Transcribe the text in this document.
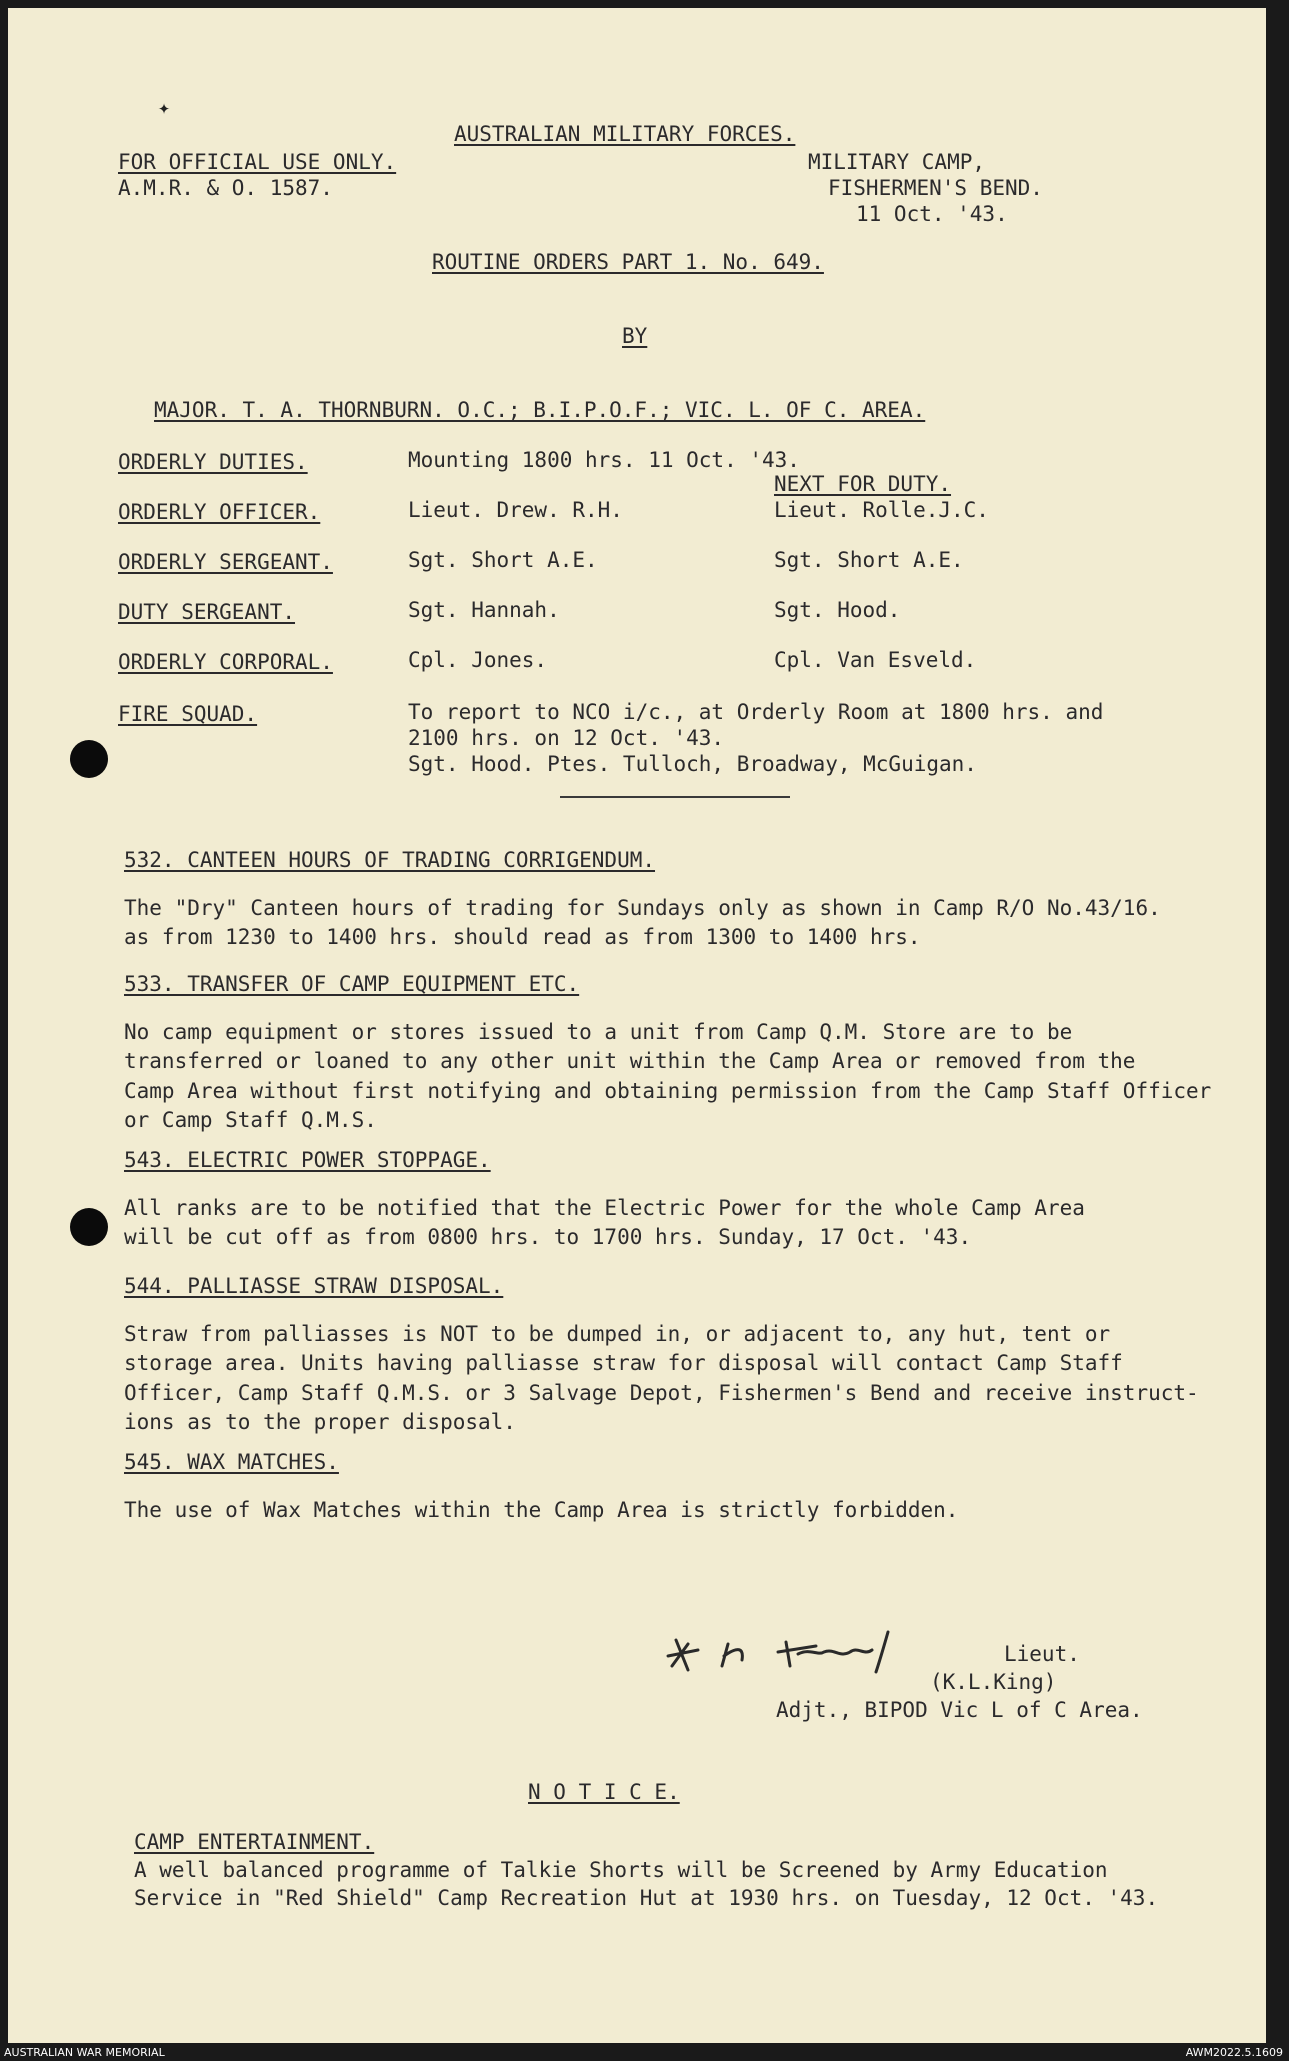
✦

AUSTRALIAN MILITARY FORCES.

FOR OFFICIAL USE ONLY.

A.M.R. & O. 1587.

MILITARY CAMP,

FISHERMEN'S BEND.

11 Oct. '43.

ROUTINE ORDERS PART 1. No. 649.

BY

MAJOR. T. A. THORNBURN. O.C.; B.I.P.O.F.; VIC. L. OF C. AREA.

ORDERLY DUTIES.	Mounting 1800 hrs. 11 Oct. '43.

NEXT FOR DUTY.

ORDERLY OFFICER.	Lieut. Drew. R.H.	Lieut. Rolle.J.C.

ORDERLY SERGEANT.	Sgt. Short A.E.	Sgt. Short A.E.

DUTY SERGEANT.	Sgt. Hannah.	Sgt. Hood.

ORDERLY CORPORAL.	Cpl. Jones.	Cpl. Van Esveld.

FIRE SQUAD.	To report to NCO i/c., at Orderly Room at 1800 hrs. and

2100 hrs. on 12 Oct. '43.

Sgt. Hood. Ptes. Tulloch, Broadway, McGuigan.

532. CANTEEN HOURS OF TRADING CORRIGENDUM.

The "Dry" Canteen hours of trading for Sundays only as shown in Camp R/O No.43/16.
as from 1230 to 1400 hrs. should read as from 1300 to 1400 hrs.

533. TRANSFER OF CAMP EQUIPMENT ETC.

No camp equipment or stores issued to a unit from Camp Q.M. Store are to be
transferred or loaned to any other unit within the Camp Area or removed from the
Camp Area without first notifying and obtaining permission from the Camp Staff Officer
or Camp Staff Q.M.S.

543. ELECTRIC POWER STOPPAGE.

All ranks are to be notified that the Electric Power for the whole Camp Area
will be cut off as from 0800 hrs. to 1700 hrs. Sunday, 17 Oct. '43.

544. PALLIASSE STRAW DISPOSAL.

Straw from palliasses is NOT to be dumped in, or adjacent to, any hut, tent or
storage area. Units having palliasse straw for disposal will contact Camp Staff
Officer, Camp Staff Q.M.S. or 3 Salvage Depot, Fishermen's Bend and receive instruct-
ions as to the proper disposal.

545. WAX MATCHES.

The use of Wax Matches within the Camp Area is strictly forbidden.

Lieut.

(K.L.King)

Adjt., BIPOD Vic L of C Area.

N O T I C E.

CAMP ENTERTAINMENT.

A well balanced programme of Talkie Shorts will be Screened by Army Education

Service in "Red Shield" Camp Recreation Hut at 1930 hrs. on Tuesday, 12 Oct. '43.

AUSTRALIAN WAR MEMORIAL	AWM2022.5.1609
